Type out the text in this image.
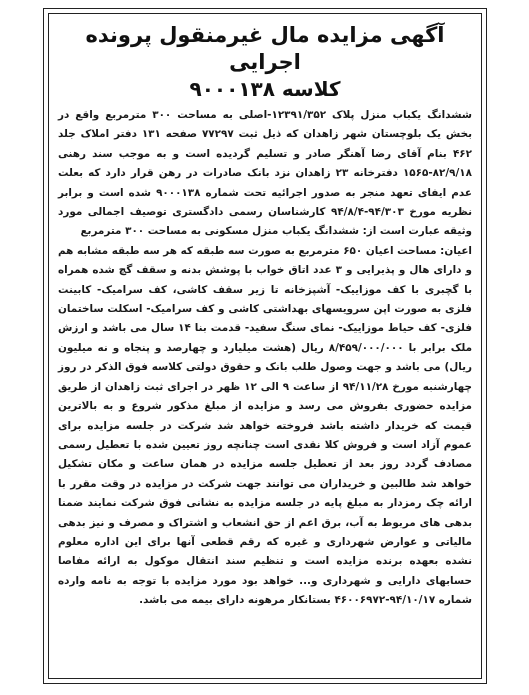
آگهی مزایده مال غیرمنقول پرونده اجرایی
کلاسه ۹۰۰۰۱۳۸

ششدانگ یکباب منزل پلاک ۱۲۳۹۱/۳۵۲-اصلی به مساحت ۳۰۰ مترمربع واقع در بخش یک بلوچستان شهر زاهدان که ذیل ثبت ۷۷۲۹۷ صفحه ۱۳۱ دفتر املاک جلد ۴۶۲ بنام آقای رضا آهنگر صادر و تسلیم گردیده است و به موجب سند رهنی ۸۲/۹/۱۸-۱۵۶۵ دفترخانه ۲۳ زاهدان نزد بانک صادرات در رهن قرار دارد که بعلت عدم ایفای تعهد منجر به صدور اجرائیه تحت شماره ۹۰۰۰۱۳۸ شده است و برابر نظریه مورخ ۹۴/۳۰۳-۹۴/۸/۴ کارشناسان رسمی دادگستری توصیف اجمالی مورد وثیقه عبارت است از: ششدانگ یکباب منزل مسکونی به مساحت ۳۰۰ مترمربع

اعیان: مساحت اعیان ۶۵۰ مترمربع به صورت سه طبقه که هر سه طبقه مشابه هم و دارای هال و پذیرایی و ۳ عدد اتاق خواب با پوشش بدنه و سقف گچ شده همراه با گچبری با کف موزاییک- آشپزخانه تا زیر سقف کاشی، کف سرامیک- کابینت فلزی به صورت اپن سرویسهای بهداشتی کاشی و کف سرامیک- اسکلت ساختمان فلزی- کف حیاط موزاییک- نمای سنگ سفید- قدمت بنا ۱۴ سال می باشد و ارزش ملک برابر با ۸/۴۵۹/۰۰۰/۰۰۰ ریال (هشت میلیارد و چهارصد و پنجاه و نه میلیون ریال) می باشد و جهت وصول طلب بانک و حقوق دولتی کلاسه فوق الذکر در روز چهارشنبه مورخ ۹۴/۱۱/۲۸ از ساعت ۹ الی ۱۲ ظهر در اجرای ثبت زاهدان از طریق مزایده حضوری بفروش می رسد و مزایده از مبلغ مذکور شروع و به بالاترین قیمت که خریدار داشته باشد فروخته خواهد شد شرکت در جلسه مزایده برای عموم آزاد است و فروش کلا نقدی است چنانچه روز تعیین شده با تعطیل رسمی مصادف گردد روز بعد از تعطیل جلسه مزایده در همان ساعت و مکان تشکیل خواهد شد طالبین و خریداران می توانند جهت شرکت در مزایده در وقت مقرر با ارائه چک رمزدار به مبلغ پایه در جلسه مزایده به نشانی فوق شرکت نمایند ضمنا بدهی های مربوط به آب، برق اعم از حق انشعاب و اشتراک و مصرف و نیز بدهی مالیاتی و عوارض شهرداری و غیره که رقم قطعی آنها برای این اداره معلوم نشده بعهده برنده مزایده است و تنظیم سند انتقال موکول به ارائه مفاصا حسابهای دارایی و شهرداری و... خواهد بود مورد مزایده با توجه به نامه وارده شماره ۹۴/۱۰/۱۷-۴۶۰۰۶۹۷۲ بستانکار مرهونه دارای بیمه می باشد.
